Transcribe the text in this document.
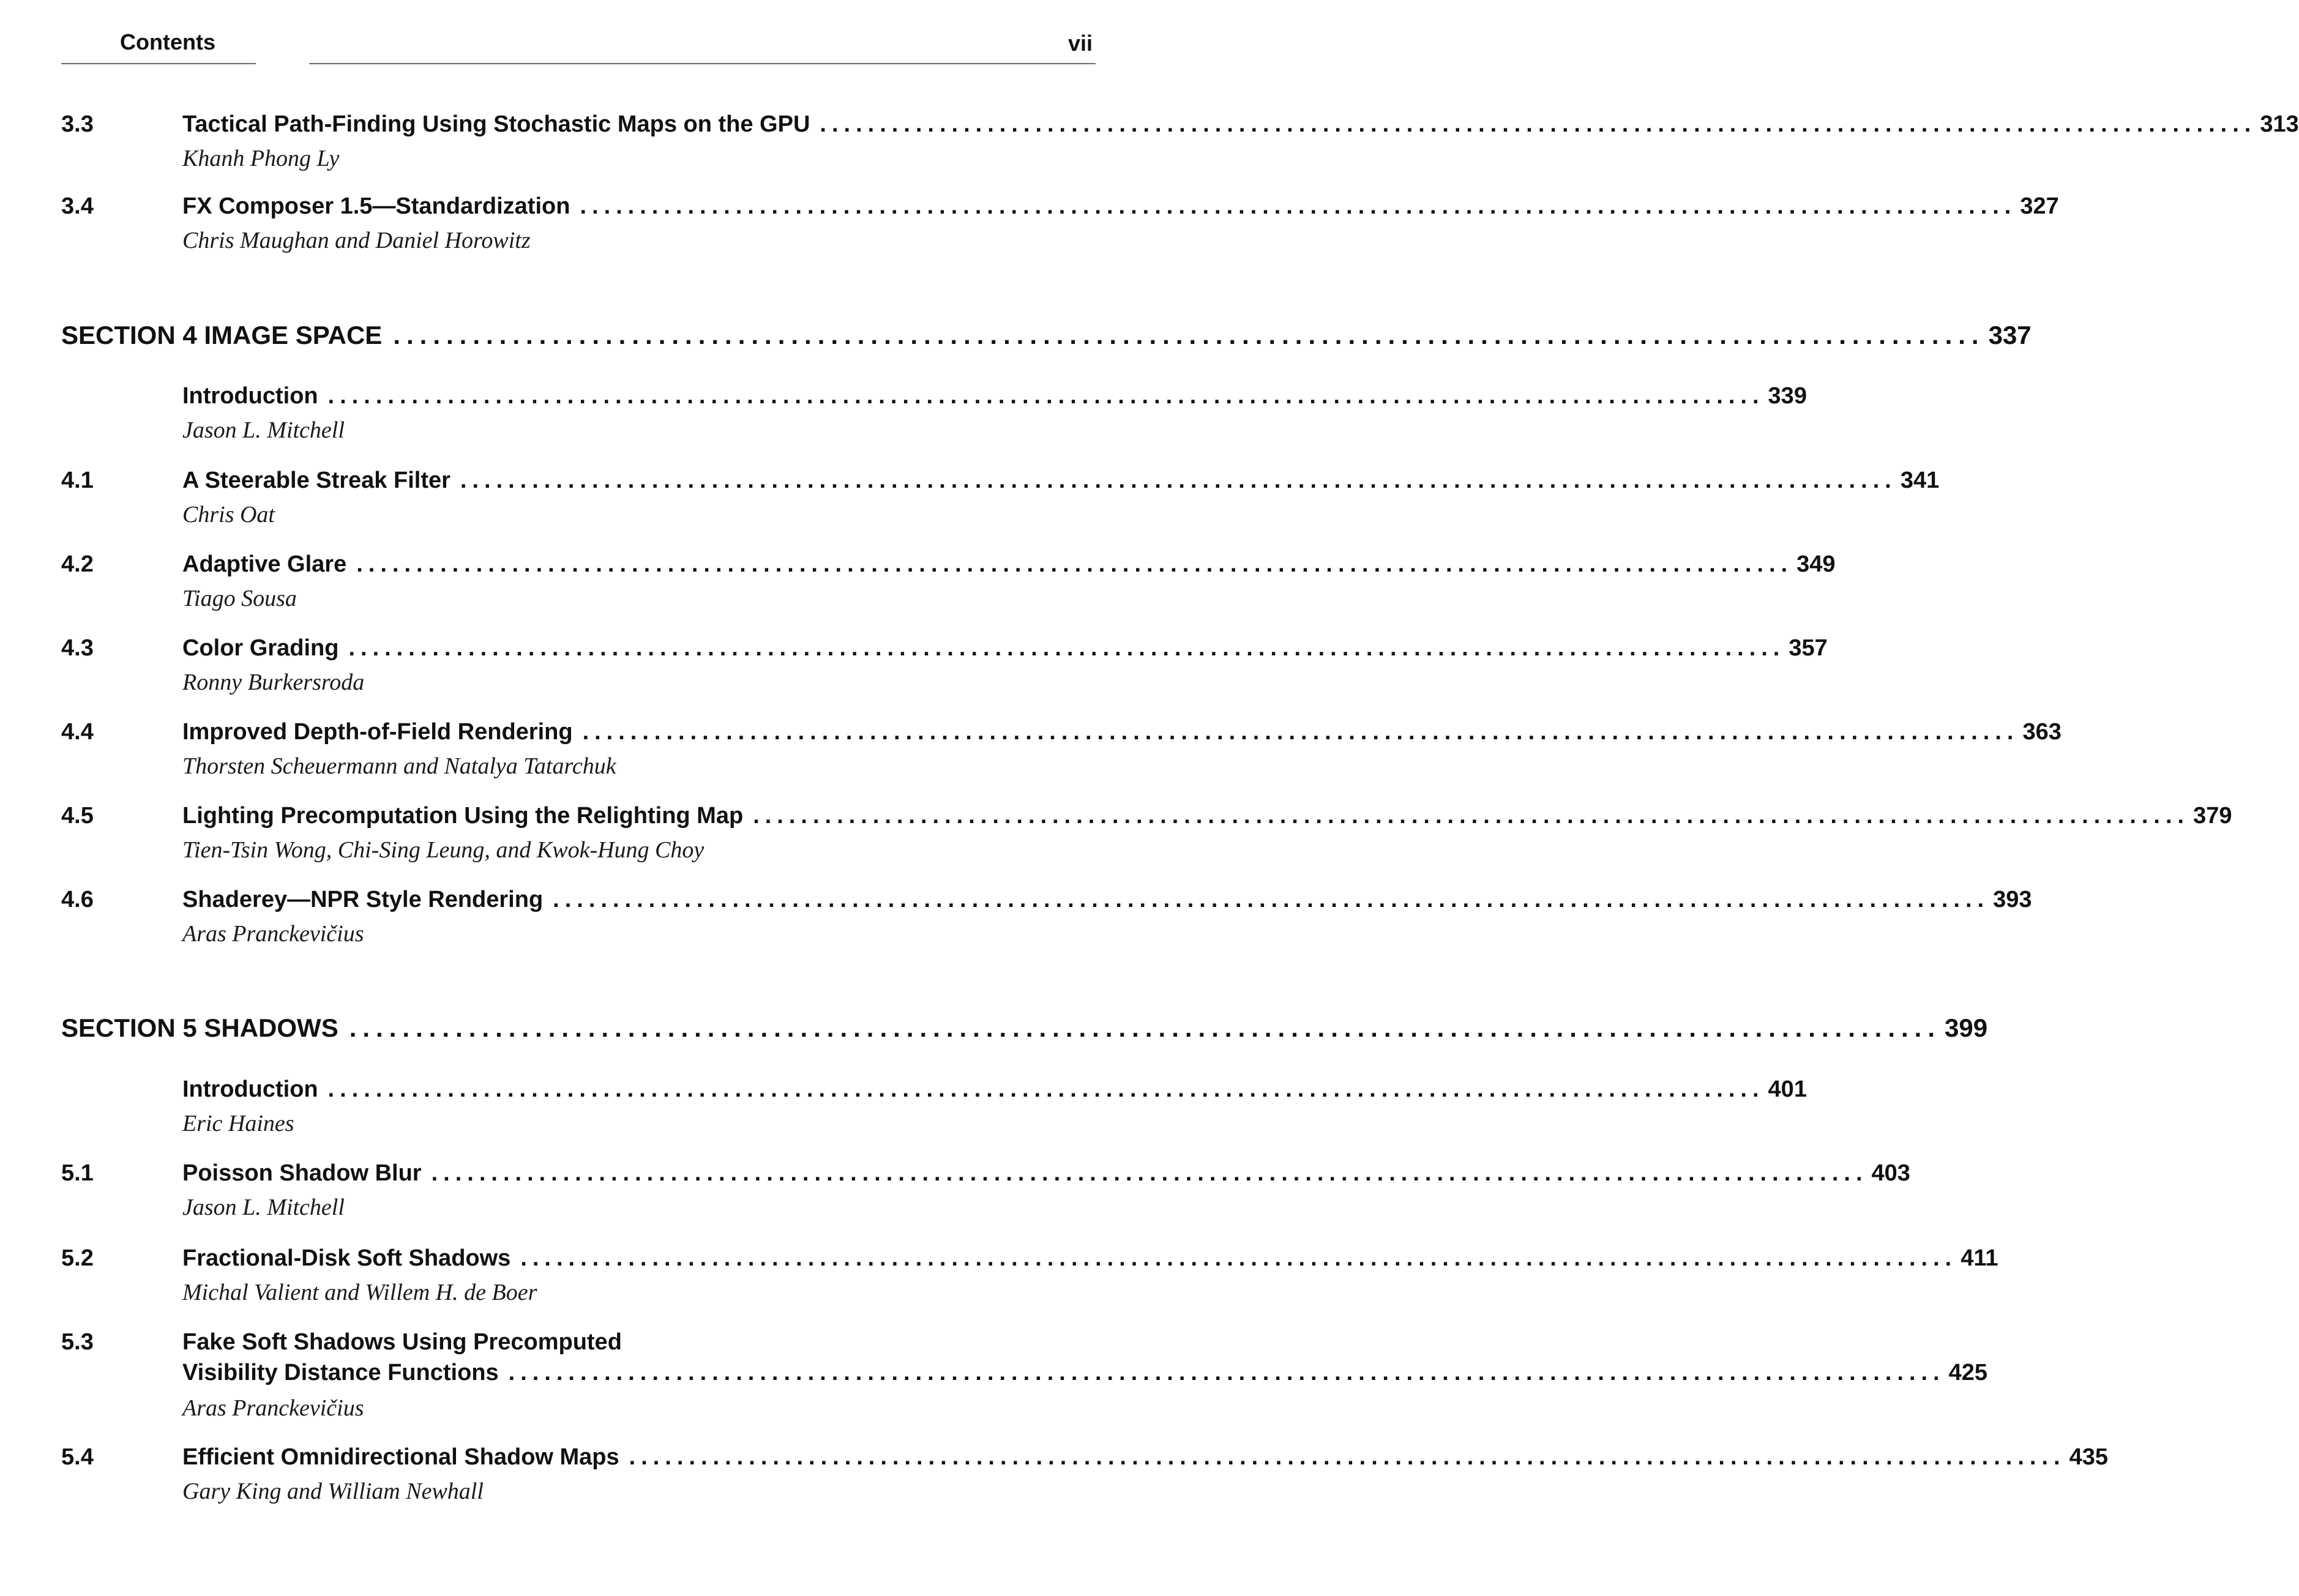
Contents	vii
3.3	Tactical Path-Finding Using Stochastic Maps on the GPU ........................................................................................................................ 313
Khanh Phong Ly
3.4	FX Composer 1.5—Standardization ........................................................................................................................ 327
Chris Maughan and Daniel Horowitz
SECTION 4 IMAGE SPACE ........................................................................................................................ 337
Introduction ........................................................................................................................ 339
Jason L. Mitchell
4.1	A Steerable Streak Filter ........................................................................................................................ 341
Chris Oat
4.2	Adaptive Glare ........................................................................................................................ 349
Tiago Sousa
4.3	Color Grading ........................................................................................................................ 357
Ronny Burkersroda
4.4	Improved Depth-of-Field Rendering ........................................................................................................................ 363
Thorsten Scheuermann and Natalya Tatarchuk
4.5	Lighting Precomputation Using the Relighting Map ........................................................................................................................ 379
Tien-Tsin Wong, Chi-Sing Leung, and Kwok-Hung Choy
4.6	Shaderey—NPR Style Rendering ........................................................................................................................ 393
Aras Pranckevičius
SECTION 5 SHADOWS ........................................................................................................................ 399
Introduction ........................................................................................................................ 401
Eric Haines
5.1	Poisson Shadow Blur ........................................................................................................................ 403
Jason L. Mitchell
5.2	Fractional-Disk Soft Shadows ........................................................................................................................ 411
Michal Valient and Willem H. de Boer
5.3	Fake Soft Shadows Using Precomputed
Visibility Distance Functions ........................................................................................................................ 425
Aras Pranckevičius
5.4	Efficient Omnidirectional Shadow Maps ........................................................................................................................ 435
Gary King and William Newhall
